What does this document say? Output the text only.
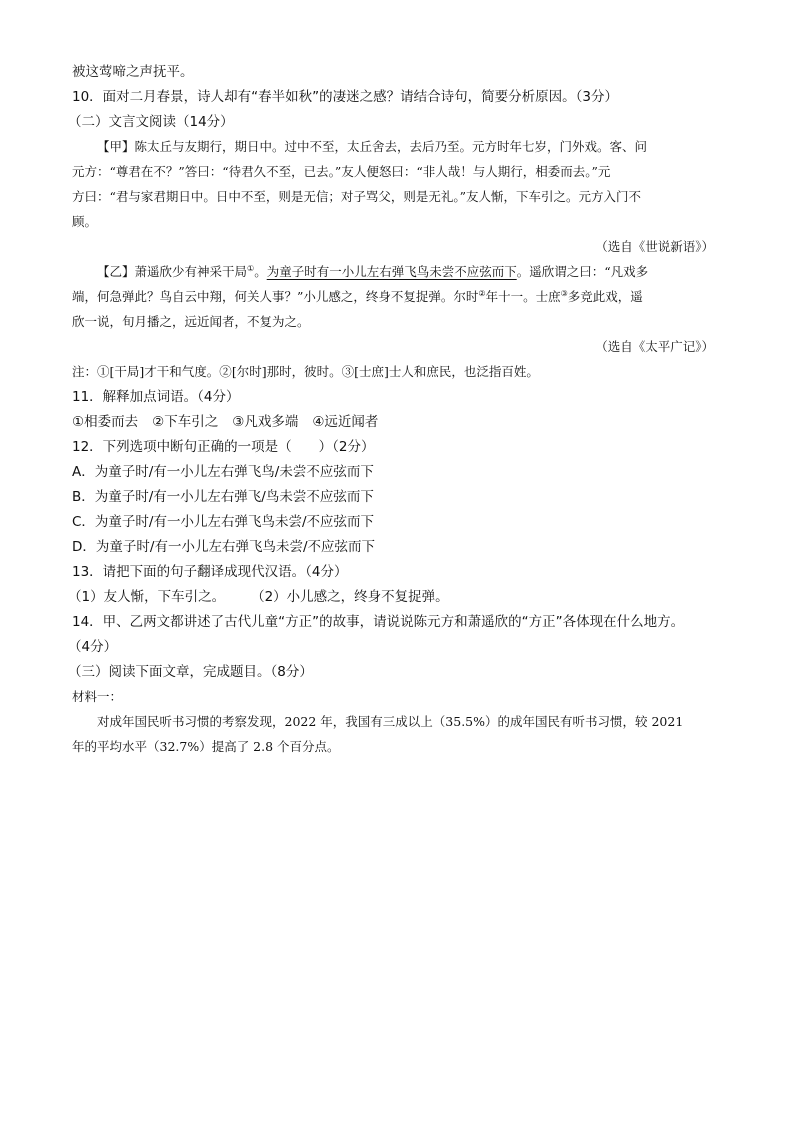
被这莺啼之声抚平。
10．面对二月春景，诗人却有“春半如秋”的凄迷之感？请结合诗句，简要分析原因。（3分）
（二）文言文阅读（14分）
【甲】陈太丘与友期行，期日中。过中不至，太丘舍去，去后乃至。元方时年七岁，门外戏。客、问
元方：“尊君在不？”答曰：“待君久不至，已去。”友人便怒曰：“非人哉！与人期行，相委而去。”元
方曰：“君与家君期日中。日中不至，则是无信；对子骂父，则是无礼。”友人惭，下车引之。元方入门不
顾。
（选自《世说新语》）
【乙】萧遥欣少有神采干局①。为童子时有一小儿左右弹飞鸟未尝不应弦而下。遥欣谓之曰：“凡戏多
端，何急弹此？鸟自云中翔，何关人事？”小儿感之，终身不复捉弹。尔时②年十一。士庶③多竞此戏，遥
欣一说，旬月播之，远近闻者，不复为之。
（选自《太平广记》）
注：①[干局]才干和气度。②[尔时]那时，彼时。③[士庶]士人和庶民，也泛指百姓。
11．解释加点词语。（4分）
①相委而去 ②下车引之 ③凡戏多端 ④远近闻者
12．下列选项中断句正确的一项是（　　）（2分）
A．为童子时/有一小儿左右弹飞鸟/未尝不应弦而下
B．为童子时/有一小儿左右弹飞/鸟未尝不应弦而下
C．为童子时/有一小儿左右弹飞鸟未尝/不应弦而下
D．为童子时/有一小儿左右弹飞鸟未尝/不应弦而下
13．请把下面的句子翻译成现代汉语。（4分）
（1）友人惭，下车引之。 （2）小儿感之，终身不复捉弹。
14．甲、乙两文都讲述了古代儿童“方正”的故事，请说说陈元方和萧遥欣的“方正”各体现在什么地方。
（4分）
（三）阅读下面文章，完成题目。（8分）
材料一：
对成年国民听书习惯的考察发现，2022 年，我国有三成以上（35.5%）的成年国民有听书习惯，较 2021
年的平均水平（32.7%）提高了 2.8 个百分点。
